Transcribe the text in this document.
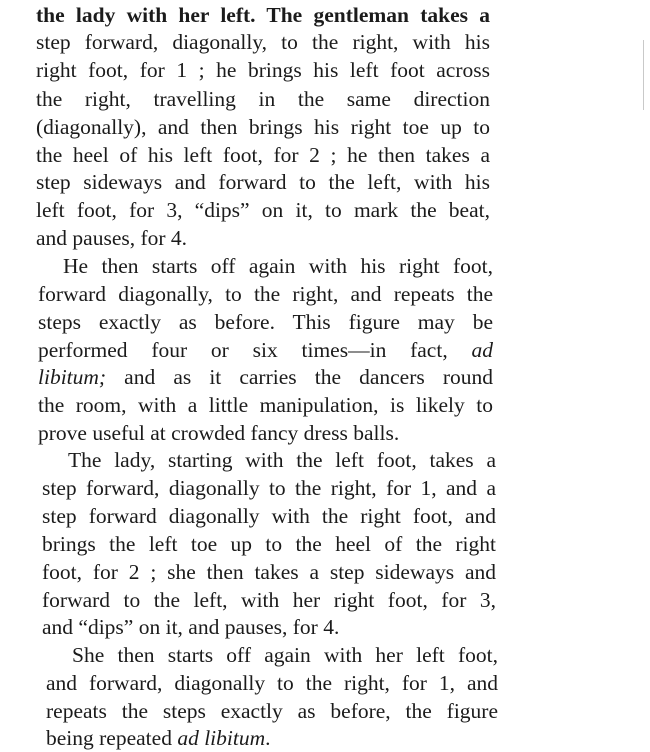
the lady with her left. The gentleman takes a
step forward, diagonally, to the right, with his
right foot, for 1 ; he brings his left foot across
the right, travelling in the same direction
(diagonally), and then brings his right toe up to
the heel of his left foot, for 2 ; he then takes a
step sideways and forward to the left, with his
left foot, for 3, “dips” on it, to mark the beat,
and pauses, for 4.
He then starts off again with his right foot,
forward diagonally, to the right, and repeats the
steps exactly as before. This figure may be
performed four or six times—in fact, ad
libitum; and as it carries the dancers round
the room, with a little manipulation, is likely to
prove useful at crowded fancy dress balls.
The lady, starting with the left foot, takes a
step forward, diagonally to the right, for 1, and a
step forward diagonally with the right foot, and
brings the left toe up to the heel of the right
foot, for 2 ; she then takes a step sideways and
forward to the left, with her right foot, for 3,
and “dips” on it, and pauses, for 4.
She then starts off again with her left foot,
and forward, diagonally to the right, for 1, and
repeats the steps exactly as before, the figure
being repeated ad libitum.
